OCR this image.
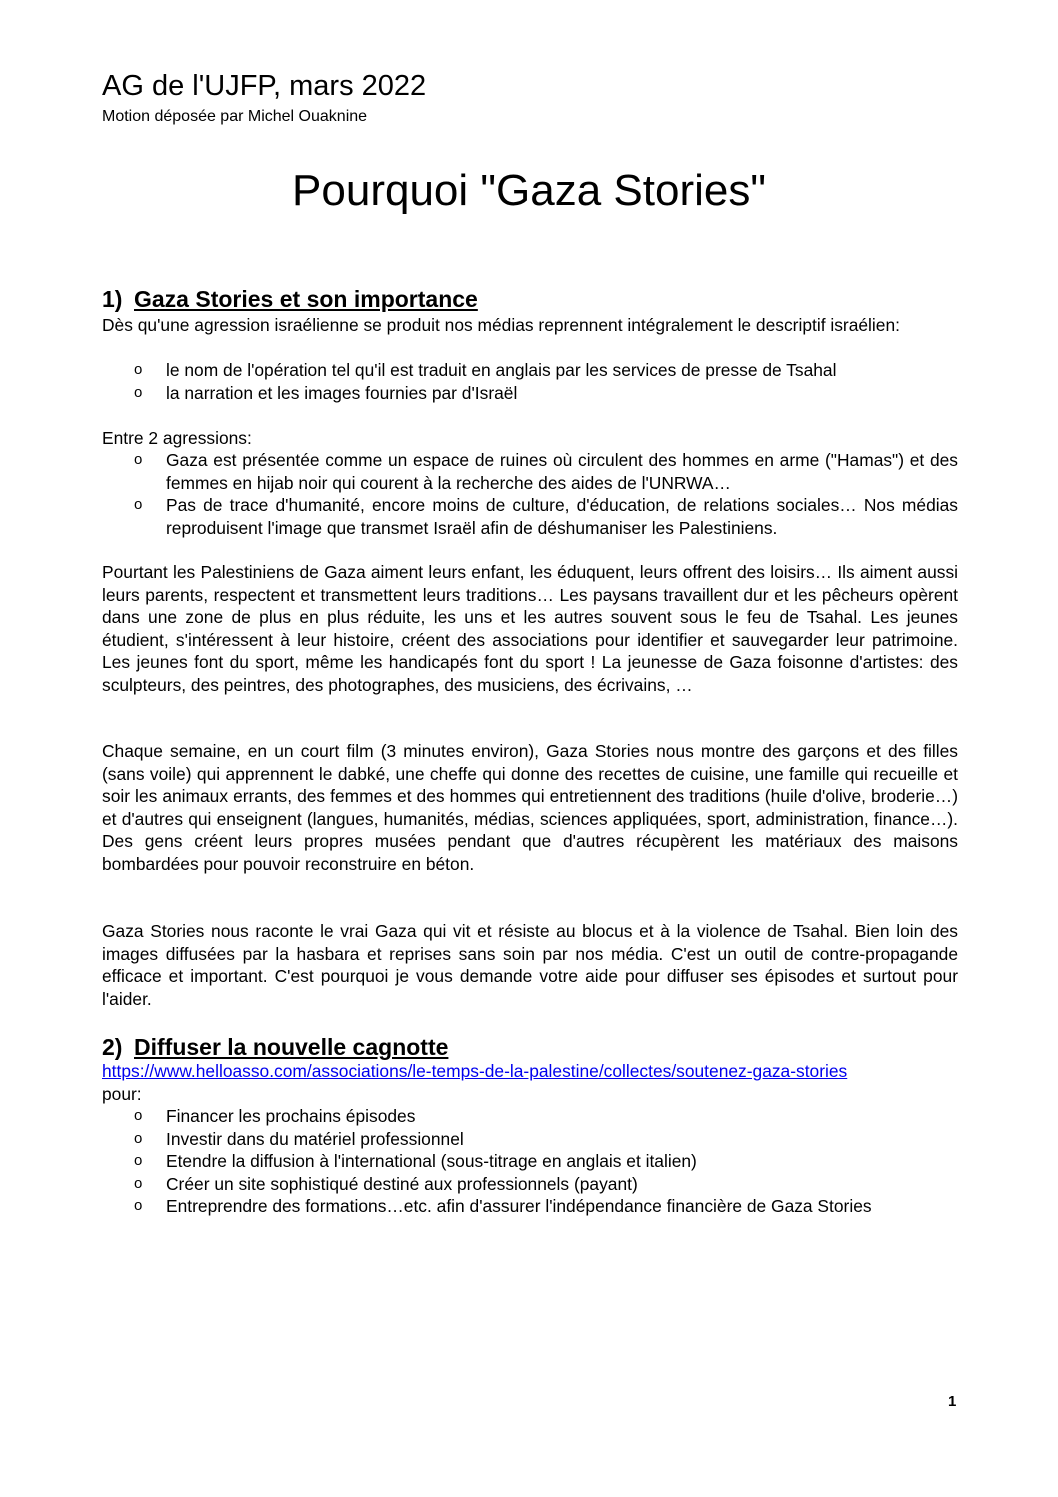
AG de l'UJFP, mars 2022
Motion déposée par Michel Ouaknine
Pourquoi "Gaza Stories"
1) Gaza Stories et son importance

Dès qu'une agression israélienne se produit nos médias reprennent intégralement le descriptif israélien:

o le nom de l'opération tel qu'il est traduit en anglais par les services de presse de Tsahal
o la narration et les images fournies par d'Israël

Entre 2 agressions:

o Gaza est présentée comme un espace de ruines où circulent des hommes en arme ("Hamas") et des femmes en hijab noir qui courent à la recherche des aides de l'UNRWA…
o Pas de trace d'humanité, encore moins de culture, d'éducation, de relations sociales… Nos médias reproduisent l'image que transmet Israël afin de déshumaniser les Palestiniens.

Pourtant les Palestiniens de Gaza aiment leurs enfant, les éduquent, leurs offrent des loisirs… Ils aiment aussi leurs parents, respectent et transmettent leurs traditions… Les paysans travaillent dur et les pêcheurs opèrent dans une zone de plus en plus réduite, les uns et les autres souvent sous le feu de Tsahal. Les jeunes étudient, s'intéressent à leur histoire, créent des associations pour identifier et sauvegarder leur patrimoine. Les jeunes font du sport, même les handicapés font du sport ! La jeunesse de Gaza foisonne d'artistes: des sculpteurs, des peintres, des photographes, des musiciens, des écrivains, …

Chaque semaine, en un court film (3 minutes environ), Gaza Stories nous montre des garçons et des filles (sans voile) qui apprennent le dabké, une cheffe qui donne des recettes de cuisine, une famille qui recueille et soir les animaux errants, des femmes et des hommes qui entretiennent des traditions (huile d'olive, broderie…) et d'autres qui enseignent (langues, humanités, médias, sciences appliquées, sport, administration, finance…). Des gens créent leurs propres musées pendant que d'autres récupèrent les matériaux des maisons bombardées pour pouvoir reconstruire en béton.

Gaza Stories nous raconte le vrai Gaza qui vit et résiste au blocus et à la violence de Tsahal. Bien loin des images diffusées par la hasbara et reprises sans soin par nos média. C'est un outil de contre-propagande efficace et important. C'est pourquoi je vous demande votre aide pour diffuser ses épisodes et surtout pour l'aider.

2) Diffuser la nouvelle cagnotte

https://www.helloasso.com/associations/le-temps-de-la-palestine/collectes/soutenez-gaza-stories

pour:

o Financer les prochains épisodes
o Investir dans du matériel professionnel
o Etendre la diffusion à l'international (sous-titrage en anglais et italien)
o Créer un site sophistiqué destiné aux professionnels (payant)
o Entreprendre des formations…etc. afin d'assurer l'indépendance financière de Gaza Stories
1
